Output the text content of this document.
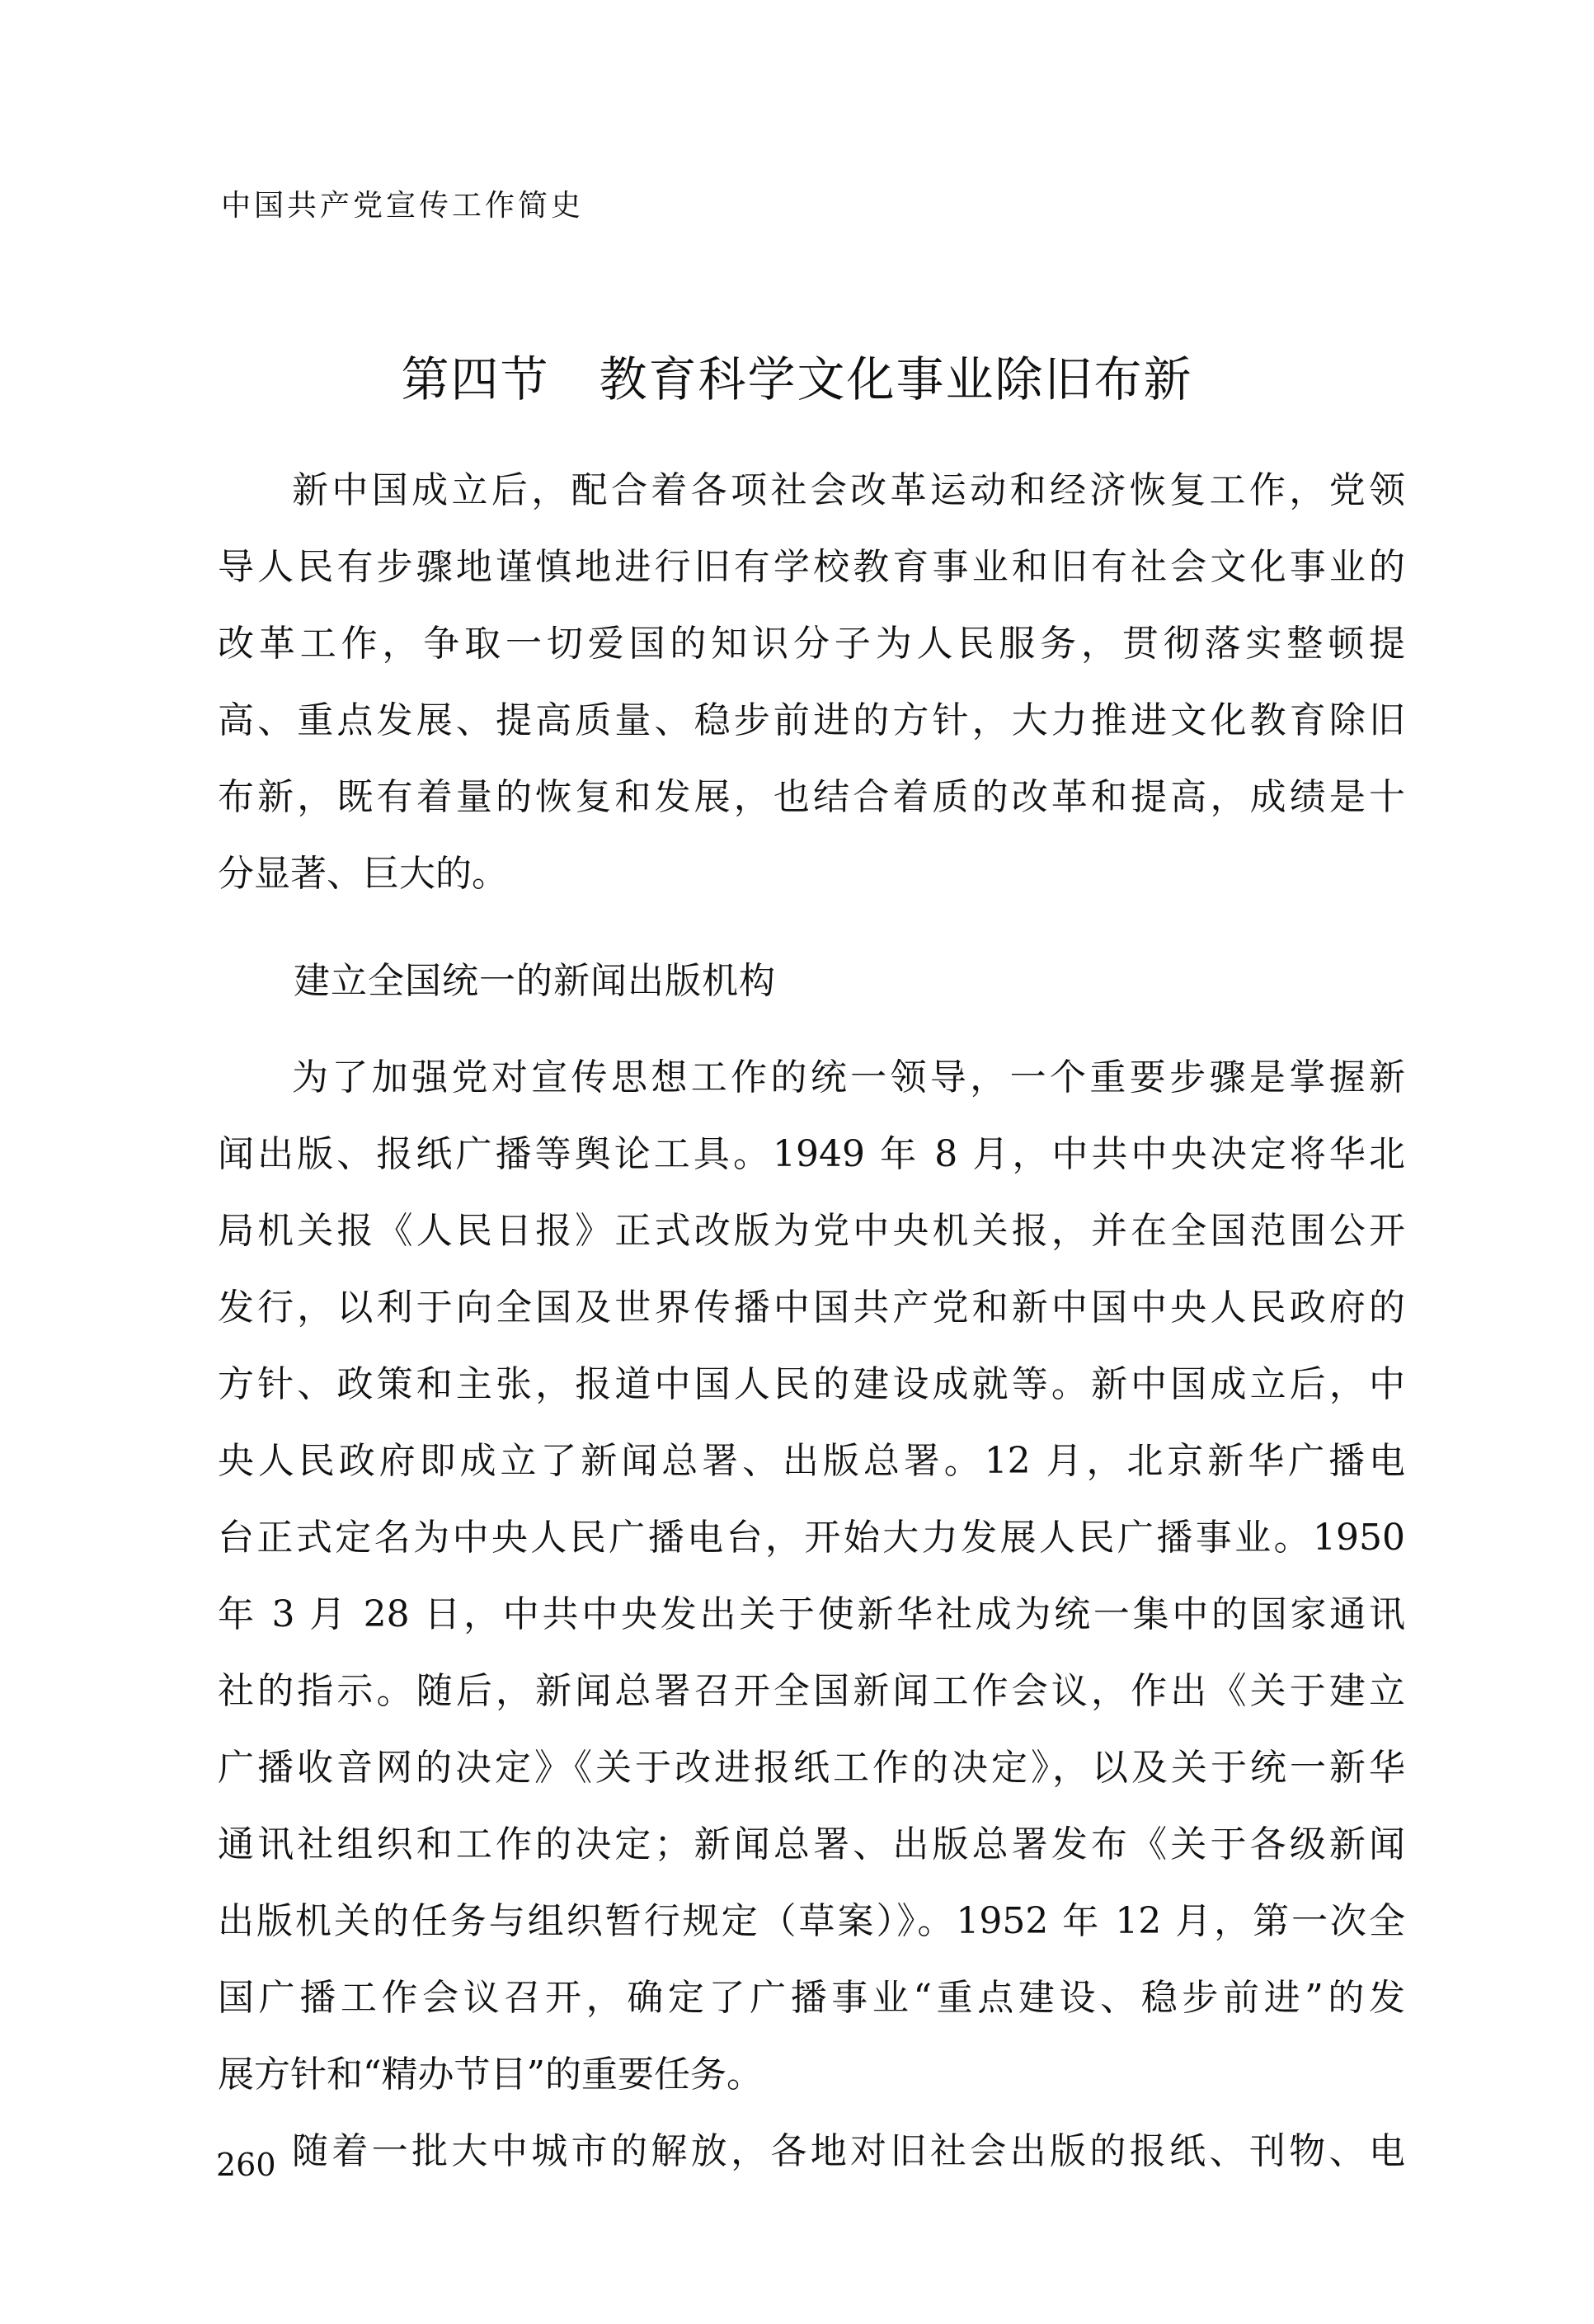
中国共产党宣传工作简史
第四节 教育科学文化事业除旧布新
新中国成立后，配合着各项社会改革运动和经济恢复工作，党领
导人民有步骤地谨慎地进行旧有学校教育事业和旧有社会文化事业的
改革工作，争取一切爱国的知识分子为人民服务，贯彻落实整顿提
高、重点发展、提高质量、稳步前进的方针，大力推进文化教育除旧
布新，既有着量的恢复和发展，也结合着质的改革和提高，成绩是十
分显著、巨大的。
建立全国统一的新闻出版机构
为了加强党对宣传思想工作的统一领导，一个重要步骤是掌握新
闻出版、报纸广播等舆论工具。1949 年 8 月，中共中央决定将华北
局机关报《人民日报》正式改版为党中央机关报，并在全国范围公开
发行，以利于向全国及世界传播中国共产党和新中国中央人民政府的
方针、政策和主张，报道中国人民的建设成就等。新中国成立后，中
央人民政府即成立了新闻总署、出版总署。12 月，北京新华广播电
台正式定名为中央人民广播电台，开始大力发展人民广播事业。1950
年 3 月 28 日，中共中央发出关于使新华社成为统一集中的国家通讯
社的指示。随后，新闻总署召开全国新闻工作会议，作出《关于建立
广播收音网的决定》《关于改进报纸工作的决定》，以及关于统一新华
通讯社组织和工作的决定；新闻总署、出版总署发布《关于各级新闻
出版机关的任务与组织暂行规定（草案）》。1952 年 12 月，第一次全
国广播工作会议召开，确定了广播事业“重点建设、稳步前进”的发
展方针和“精办节目”的重要任务。
随着一批大中城市的解放，各地对旧社会出版的报纸、刊物、电
260
